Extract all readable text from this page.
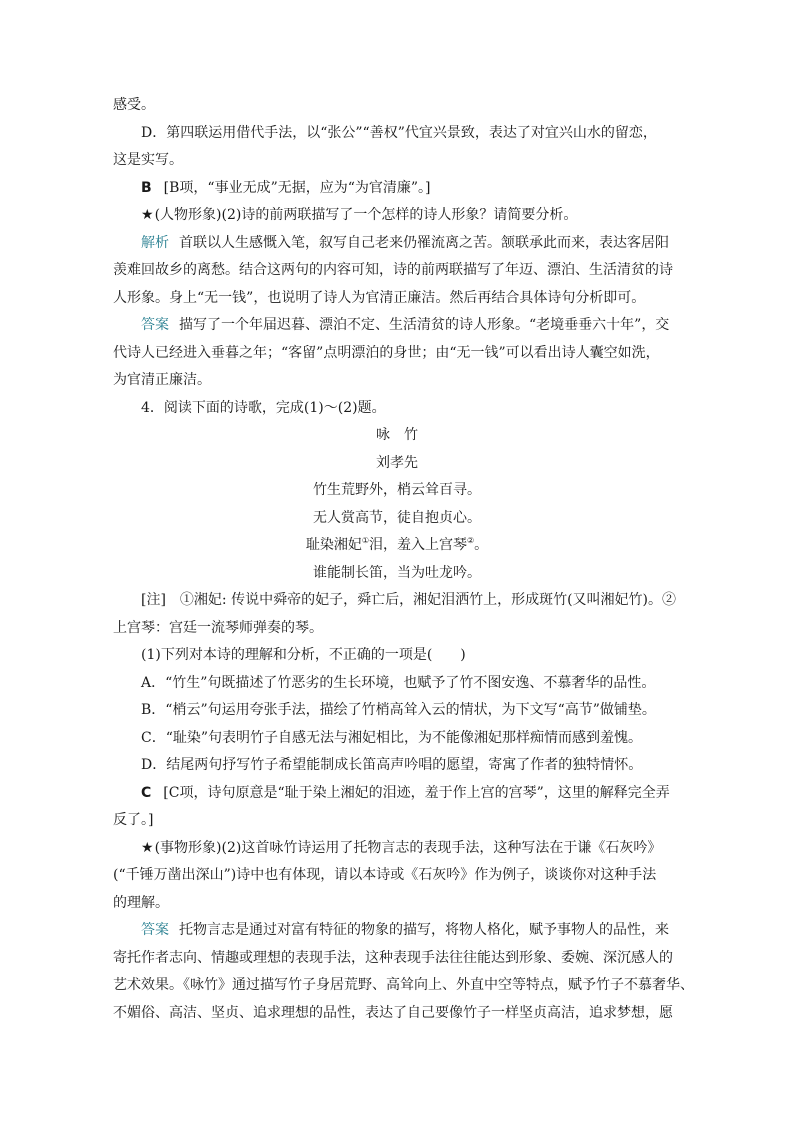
感受。
D．第四联运用借代手法，以“张公”“善权”代宜兴景致，表达了对宜兴山水的留恋，
这是实写。
B [B项，“事业无成”无据，应为“为官清廉”。]
★(人物形象)(2)诗的前两联描写了一个怎样的诗人形象？请简要分析。
解析 首联以人生感慨入笔，叙写自己老来仍罹流离之苦。颔联承此而来，表达客居阳
羡难回故乡的离愁。结合这两句的内容可知，诗的前两联描写了年迈、漂泊、生活清贫的诗
人形象。身上“无一钱”，也说明了诗人为官清正廉洁。然后再结合具体诗句分析即可。
答案 描写了一个年届迟暮、漂泊不定、生活清贫的诗人形象。“老境垂垂六十年”，交
代诗人已经进入垂暮之年；“客留”点明漂泊的身世；由“无一钱”可以看出诗人囊空如洗，
为官清正廉洁。
4．阅读下面的诗歌，完成(1)～(2)题。
咏　竹
刘孝先
竹生荒野外，梢云耸百寻。
无人赏高节，徒自抱贞心。
耻染湘妃①泪，羞入上宫琴②。
谁能制长笛，当为吐龙吟。
[注]　①湘妃: 传说中舜帝的妃子，舜亡后，湘妃泪洒竹上，形成斑竹(又叫湘妃竹)。②
上宫琴：宫廷一流琴师弹奏的琴。
(1)下列对本诗的理解和分析，不正确的一项是(　　)
A．“竹生”句既描述了竹恶劣的生长环境，也赋予了竹不图安逸、不慕奢华的品性。
B．“梢云”句运用夸张手法，描绘了竹梢高耸入云的情状，为下文写“高节”做铺垫。
C．“耻染”句表明竹子自感无法与湘妃相比，为不能像湘妃那样痴情而感到羞愧。
D．结尾两句抒写竹子希望能制成长笛高声吟唱的愿望，寄寓了作者的独特情怀。
C [C项，诗句原意是“耻于染上湘妃的泪迹，羞于作上宫的宫琴”，这里的解释完全弄
反了。]
★(事物形象)(2)这首咏竹诗运用了托物言志的表现手法，这种写法在于谦《石灰吟》
(“千锤万凿出深山”)诗中也有体现，请以本诗或《石灰吟》作为例子，谈谈你对这种手法
的理解。
答案 托物言志是通过对富有特征的物象的描写，将物人格化，赋予事物人的品性，来
寄托作者志向、情趣或理想的表现手法，这种表现手法往往能达到形象、委婉、深沉感人的
艺术效果。《咏竹》通过描写竹子身居荒野、高耸向上、外直中空等特点，赋予竹子不慕奢华、
不媚俗、高洁、坚贞、追求理想的品性，表达了自己要像竹子一样坚贞高洁，追求梦想，愿
